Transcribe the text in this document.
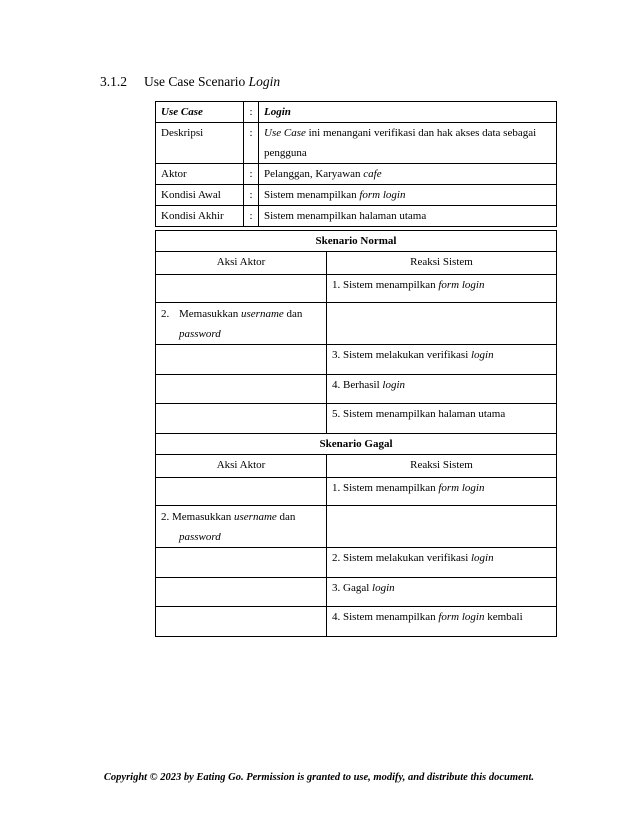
3.1.2 Use Case Scenario Login
Use Case	:	Login
Deskripsi	:	Use Case ini menangani verifikasi dan hak akses data sebagai
pengguna
Aktor	:	Pelanggan, Karyawan cafe
Kondisi Awal	:	Sistem menampilkan form login
Kondisi Akhir	:	Sistem menampilkan halaman utama
Skenario Normal	
Aksi Aktor	Reaksi Sistem
	1. Sistem menampilkan form login
2. Memasukkan username dan
password	

	3. Sistem melakukan verifikasi login
	4. Berhasil login
	5. Sistem menampilkan halaman utama
Skenario Gagal	
Aksi Aktor	Reaksi Sistem
	1. Sistem menampilkan form login
2. Memasukkan username dan
password	

	2. Sistem melakukan verifikasi login
	3. Gagal login
	4. Sistem menampilkan form login kembali
Copyright © 2023 by Eating Go. Permission is granted to use, modify, and distribute this document.
